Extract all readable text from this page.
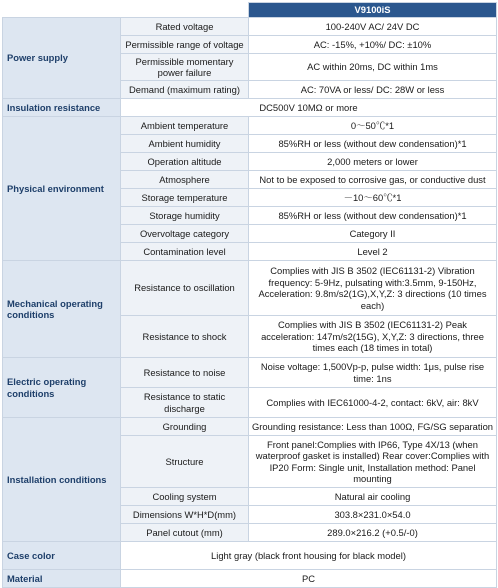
		V9100iS
Power supply	Rated voltage	100-240V AC/ 24V DC
	Permissible range of voltage	AC: -15%, +10%/ DC: ±10%
	Permissible momentary power failure	AC within 20ms, DC within 1ms
	Demand (maximum rating)	AC: 70VA or less/ DC: 28W or less
Insulation resistance	DC500V 10MΩ or more	
Physical environment	Ambient temperature	0～50℃*1
	Ambient humidity	85%RH or less (without dew condensation)*1
	Operation altitude	2,000 meters or lower
	Atmosphere	Not to be exposed to corrosive gas, or conductive dust
	Storage temperature	－10～60℃*1
	Storage humidity	85%RH or less (without dew condensation)*1
	Overvoltage category	Category II
	Contamination level	Level 2
Mechanical operating conditions	Resistance to oscillation	Complies with JIS B 3502 (IEC61131-2) Vibration frequency: 5-9Hz, pulsating with:3.5mm, 9-150Hz, Acceleration: 9.8m/s2(1G),X,Y,Z: 3 directions (10 times each)
	Resistance to shock	Complies with JIS B 3502 (IEC61131-2) Peak acceleration: 147m/s2(15G), X,Y,Z: 3 directions, three times each (18 times in total)
Electric operating conditions	Resistance to noise	Noise voltage: 1,500Vp-p, pulse width: 1μs, pulse rise time: 1ns
	Resistance to static discharge	Complies with IEC61000-4-2, contact: 6kV, air: 8kV
Installation conditions	Grounding	Grounding resistance: Less than 100Ω, FG/SG separation
	Structure	Front panel:Complies with IP66, Type 4X/13 (when waterproof gasket is installed) Rear cover:Complies with IP20 Form: Single unit, Installation method: Panel mounting
	Cooling system	Natural air cooling
	Dimensions W*H*D(mm)	303.8×231.0×54.0
	Panel cutout (mm)	289.0×216.2 (+0.5/-0)
Case color	Light gray (black front housing for black model)	
Material	PC	
